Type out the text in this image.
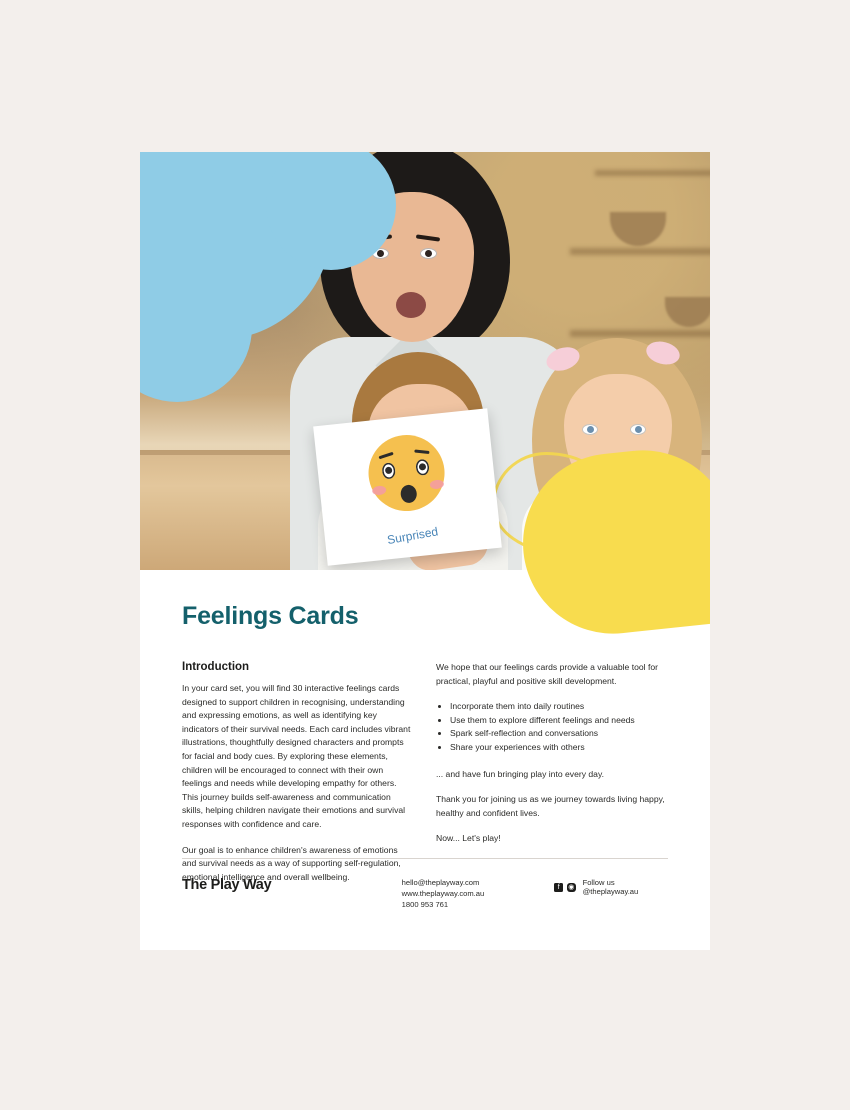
Surprised
Feelings Cards
Introduction

In your card set, you will find 30 interactive feelings cards designed to support children in recognising, understanding and expressing emotions, as well as identifying key indicators of their survival needs. Each card includes vibrant illustrations, thoughtfully designed characters and prompts for facial and body cues. By exploring these elements, children will be encouraged to connect with their own feelings and needs while developing empathy for others. This journey builds self-awareness and communication skills, helping children navigate their emotions and survival responses with confidence and care.

Our goal is to enhance children's awareness of emotions and survival needs as a way of supporting self-regulation, emotional intelligence and overall wellbeing.

We hope that our feelings cards provide a valuable tool for practical, playful and positive skill development.

• Incorporate them into daily routines
• Use them to explore different feelings and needs
• Spark self-reflection and conversations
• Share your experiences with others

... and have fun bringing play into every day.

Thank you for joining us as we journey towards living happy, healthy and confident lives.

Now... Let's play!

The Play Way	hello@theplayway.com
www.theplayway.com.au
1800 953 761
f	◉ Follow us @theplayway.au
